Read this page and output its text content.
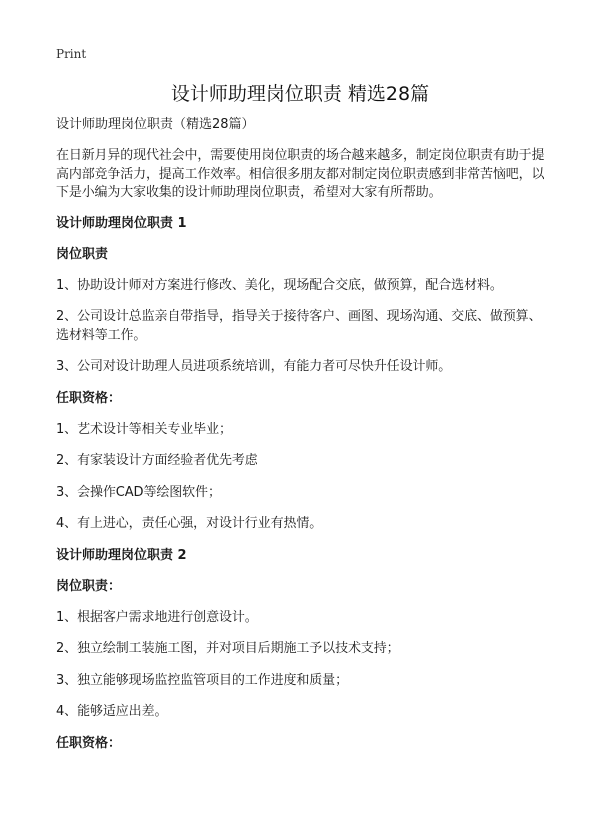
Print
设计师助理岗位职责 精选28篇
设计师助理岗位职责（精选28篇）
在日新月异的现代社会中，需要使用岗位职责的场合越来越多，制定岗位职责有助于提高内部竞争活力，提高工作效率。相信很多朋友都对制定岗位职责感到非常苦恼吧，以下是小编为大家收集的设计师助理岗位职责，希望对大家有所帮助。
设计师助理岗位职责 1
岗位职责
1、协助设计师对方案进行修改、美化，现场配合交底，做预算，配合选材料。
2、公司设计总监亲自带指导，指导关于接待客户、画图、现场沟通、交底、做预算、选材料等工作。
3、公司对设计助理人员进项系统培训，有能力者可尽快升任设计师。
任职资格：
1、艺术设计等相关专业毕业；
2、有家装设计方面经验者优先考虑
3、会操作CAD等绘图软件；
4、有上进心，责任心强，对设计行业有热情。
设计师助理岗位职责 2
岗位职责：
1、根据客户需求地进行创意设计。
2、独立绘制工装施工图，并对项目后期施工予以技术支持；
3、独立能够现场监控监管项目的工作进度和质量；
4、能够适应出差。
任职资格：
